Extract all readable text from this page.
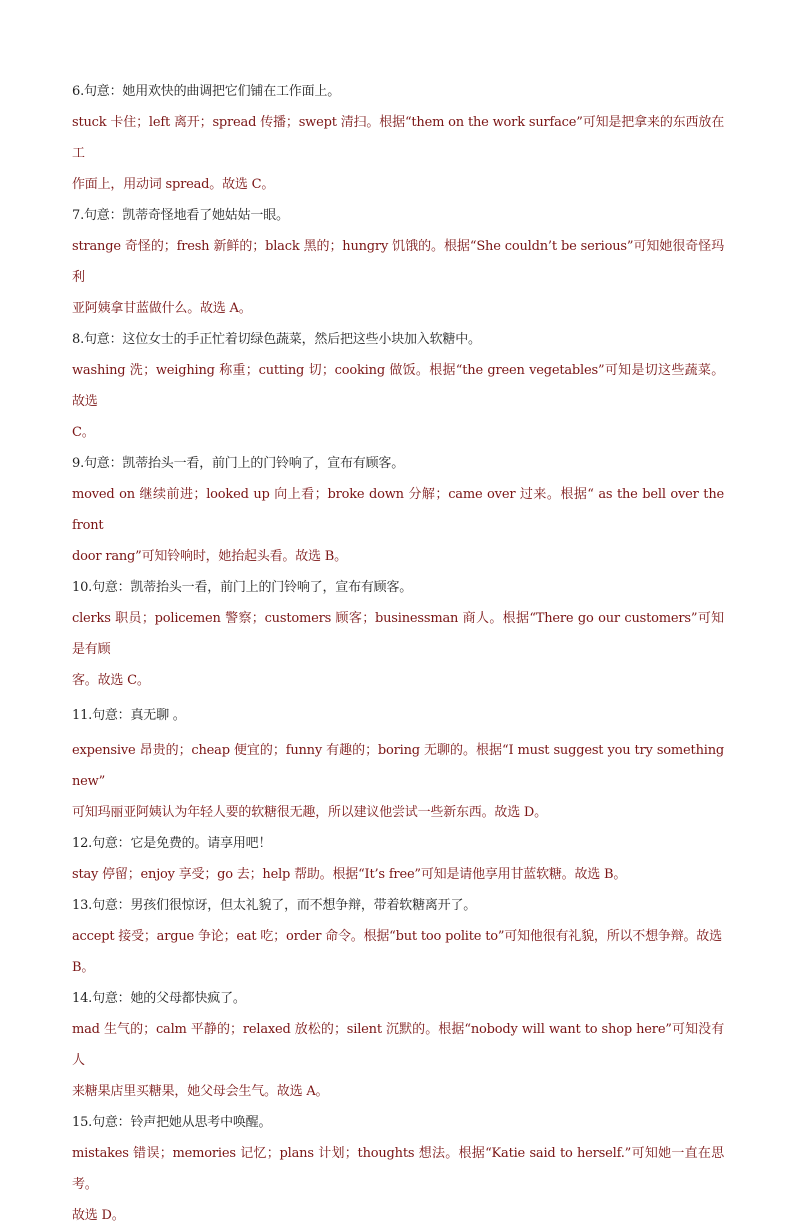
6.句意：她用欢快的曲调把它们铺在工作面上。

stuck 卡住；left 离开；spread 传播；swept 清扫。根据“them on the work surface”可知是把拿来的东西放在工

作面上，用动词 spread。故选 C。

7.句意：凯蒂奇怪地看了她姑姑一眼。

strange 奇怪的；fresh 新鲜的；black 黑的；hungry 饥饿的。根据“She couldn’t be serious”可知她很奇怪玛利

亚阿姨拿甘蓝做什么。故选 A。

8.句意：这位女士的手正忙着切绿色蔬菜，然后把这些小块加入软糖中。

washing 洗；weighing 称重；cutting 切；cooking 做饭。根据“the green vegetables”可知是切这些蔬菜。故选

C。

9.句意：凯蒂抬头一看，前门上的门铃响了，宣布有顾客。

moved on 继续前进；looked up 向上看；broke down 分解；came over 过来。根据“ as the bell over the front

door rang”可知铃响时，她抬起头看。故选 B。

10.句意：凯蒂抬头一看，前门上的门铃响了，宣布有顾客。

clerks 职员；policemen 警察；customers 顾客；businessman 商人。根据“There go our customers”可知是有顾

客。故选 C。

11.句意：真无聊 。

expensive 昂贵的；cheap 便宜的；funny 有趣的；boring 无聊的。根据“I must suggest you try something new”

可知玛丽亚阿姨认为年轻人要的软糖很无趣，所以建议他尝试一些新东西。故选 D。

12.句意：它是免费的。请享用吧！

stay 停留；enjoy 享受；go 去；help 帮助。根据“It’s free”可知是请他享用甘蓝软糖。故选 B。

13.句意：男孩们很惊讶，但太礼貌了，而不想争辩，带着软糖离开了。

accept 接受；argue 争论；eat 吃；order 命令。根据“but too polite to”可知他很有礼貌，所以不想争辩。故选

B。

14.句意：她的父母都快疯了。

mad 生气的；calm 平静的；relaxed 放松的；silent 沉默的。根据“nobody will want to shop here”可知没有人

来糖果店里买糖果，她父母会生气。故选 A。

15.句意：铃声把她从思考中唤醒。

mistakes 错误；memories 记忆；plans 计划；thoughts 想法。根据“Katie said to herself.”可知她一直在思考。

故选 D。
